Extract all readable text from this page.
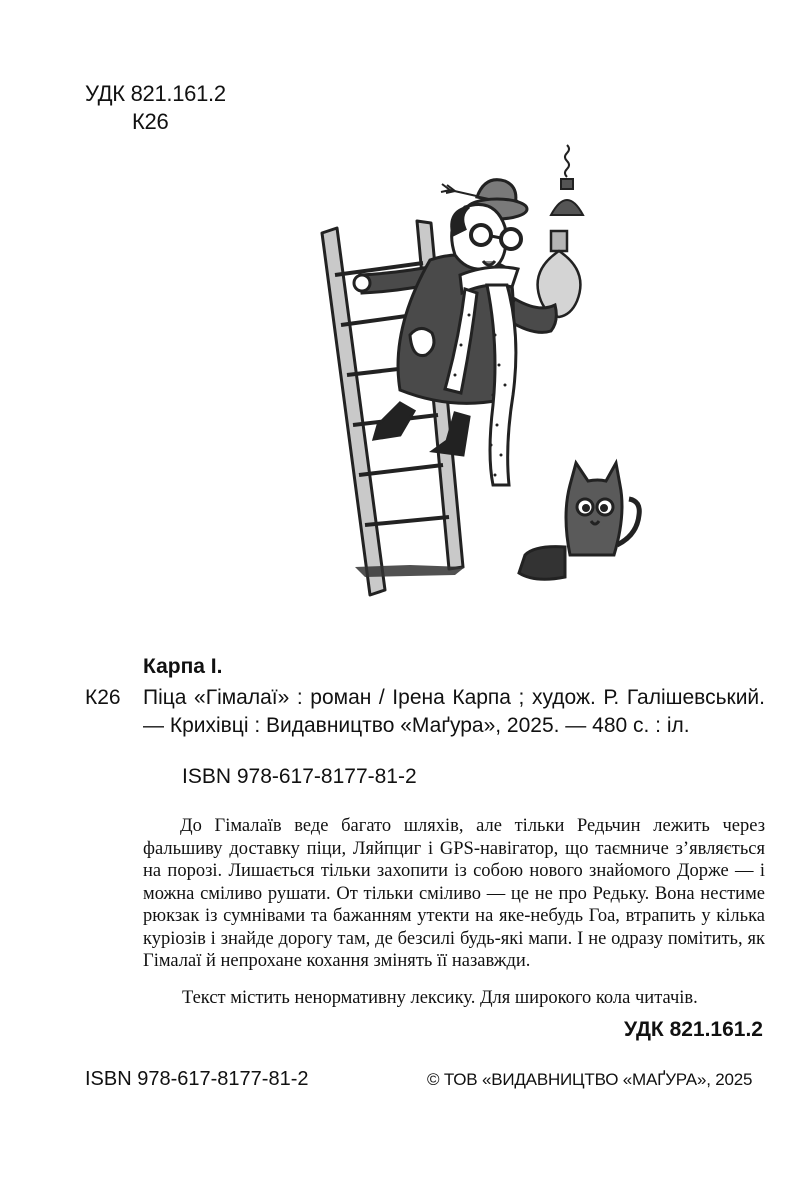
УДК 821.161.2
К26
Карпа І.
К26 Піца «Гімалаї» : роман / Ірена Карпа ; худож. Р. Галішевський. — Крихівці : Видавництво «Маґура», 2025. — 480 с. : іл.
ISBN 978-617-8177-81-2

До Гімалаїв веде багато шляхів, але тільки Редьчин лежить через фальшиву доставку піци, Ляйпциг і GPS-навігатор, що таємниче з’являється на порозі. Лишається тільки захопити із собою нового знайомого Дорже — і можна сміливо рушати. От тільки сміливо — це не про Редьку. Вона нестиме рюкзак із сумнівами та бажанням утекти на яке-небудь Гоа, втрапить у кілька куріозів і знайде дорогу там, де безсилі будь-які мапи. І не одразу помітить, як Гімалаї й непрохане кохання змінять її назавжди.

Текст містить ненормативну лексику. Для широкого кола читачів.
УДК 821.161.2
ISBN 978-617-8177-81-2	© ТОВ «ВИДАВНИЦТВО «МАҐУРА», 2025
